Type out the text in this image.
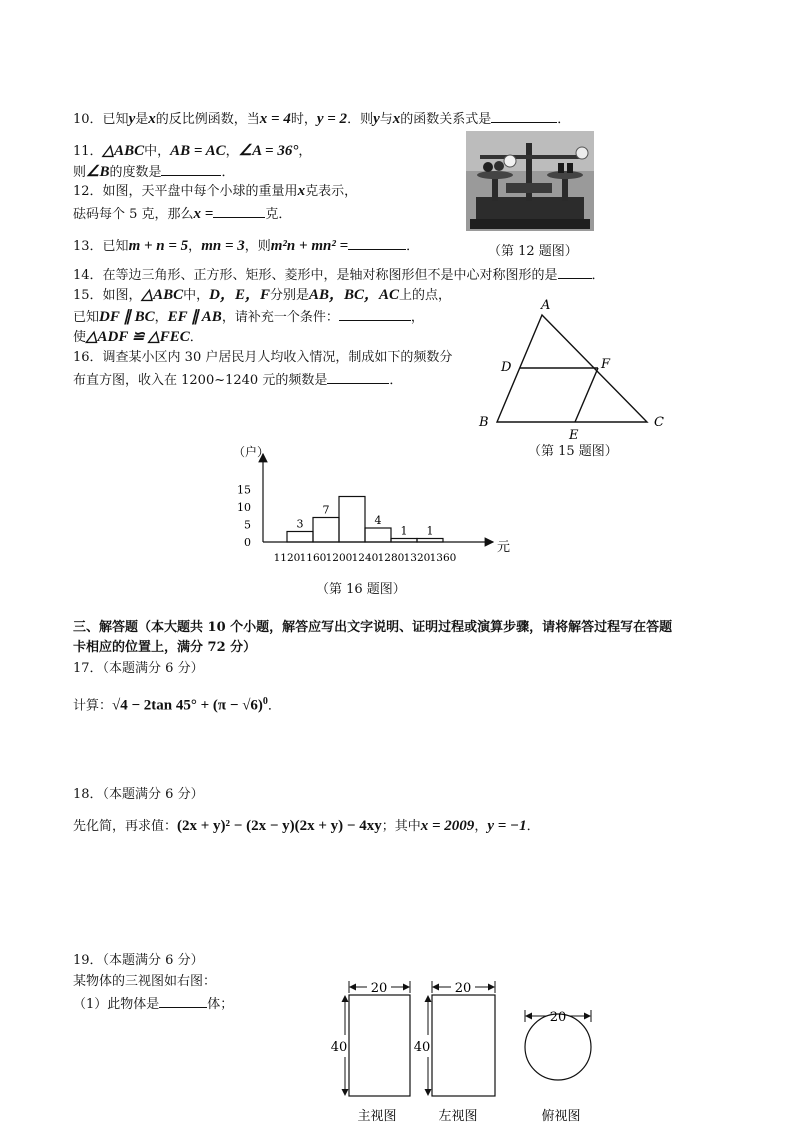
10．已知y是x的反比例函数，当x = 4时，y = 2．则y与x的函数关系式是	．
11．△ABC中，AB = AC，∠A = 36°，
则∠B的度数是	．
12．如图，天平盘中每个小球的重量用x克表示，
砝码每个 5 克，那么x =	克．
（第 12 题图）
13．已知m + n = 5，mn = 3，则m²n + mn² =	．
14．在等边三角形、正方形、矩形、菱形中，是轴对称图形但不是中心对称图形的是	．
15．如图，△ABC中，D，E，F分别是AB，BC，AC上的点，
已知DF ∥ BC，EF ∥ AB，请补充一个条件：	，
使△ADF ≌ △FEC．
A
B	C
D
E
F
（第 15 题图）
16．调查某小区内 30 户居民月人均收入情况，制成如下的频数分
布直方图，收入在 1200~1240 元的频数是	．
（户）
元
3
7
4
1 1
1120 1160 1200 1240 1280 1320 1360
0
5
10
15
（第 16 题图）
三、解答题（本大题共 10 个小题，解答应写出文字说明、证明过程或演算步骤，请将解答过程写在答题
卡相应的位置上，满分 72 分）
17．（本题满分 6 分）
计算：√4 − 2tan $45^\circ + (\pi - √6)^0$．
18．（本题满分 6 分）
先化简，再求值：(2x + y)² − (2x − y)(2x + y) − 4xy；其中x = 2009，y = −1．
19．（本题满分 6 分）
某物体的三视图如右图：
（1）此物体是	体；
20
40
20
40
20
主视图	左视图	俯视图
